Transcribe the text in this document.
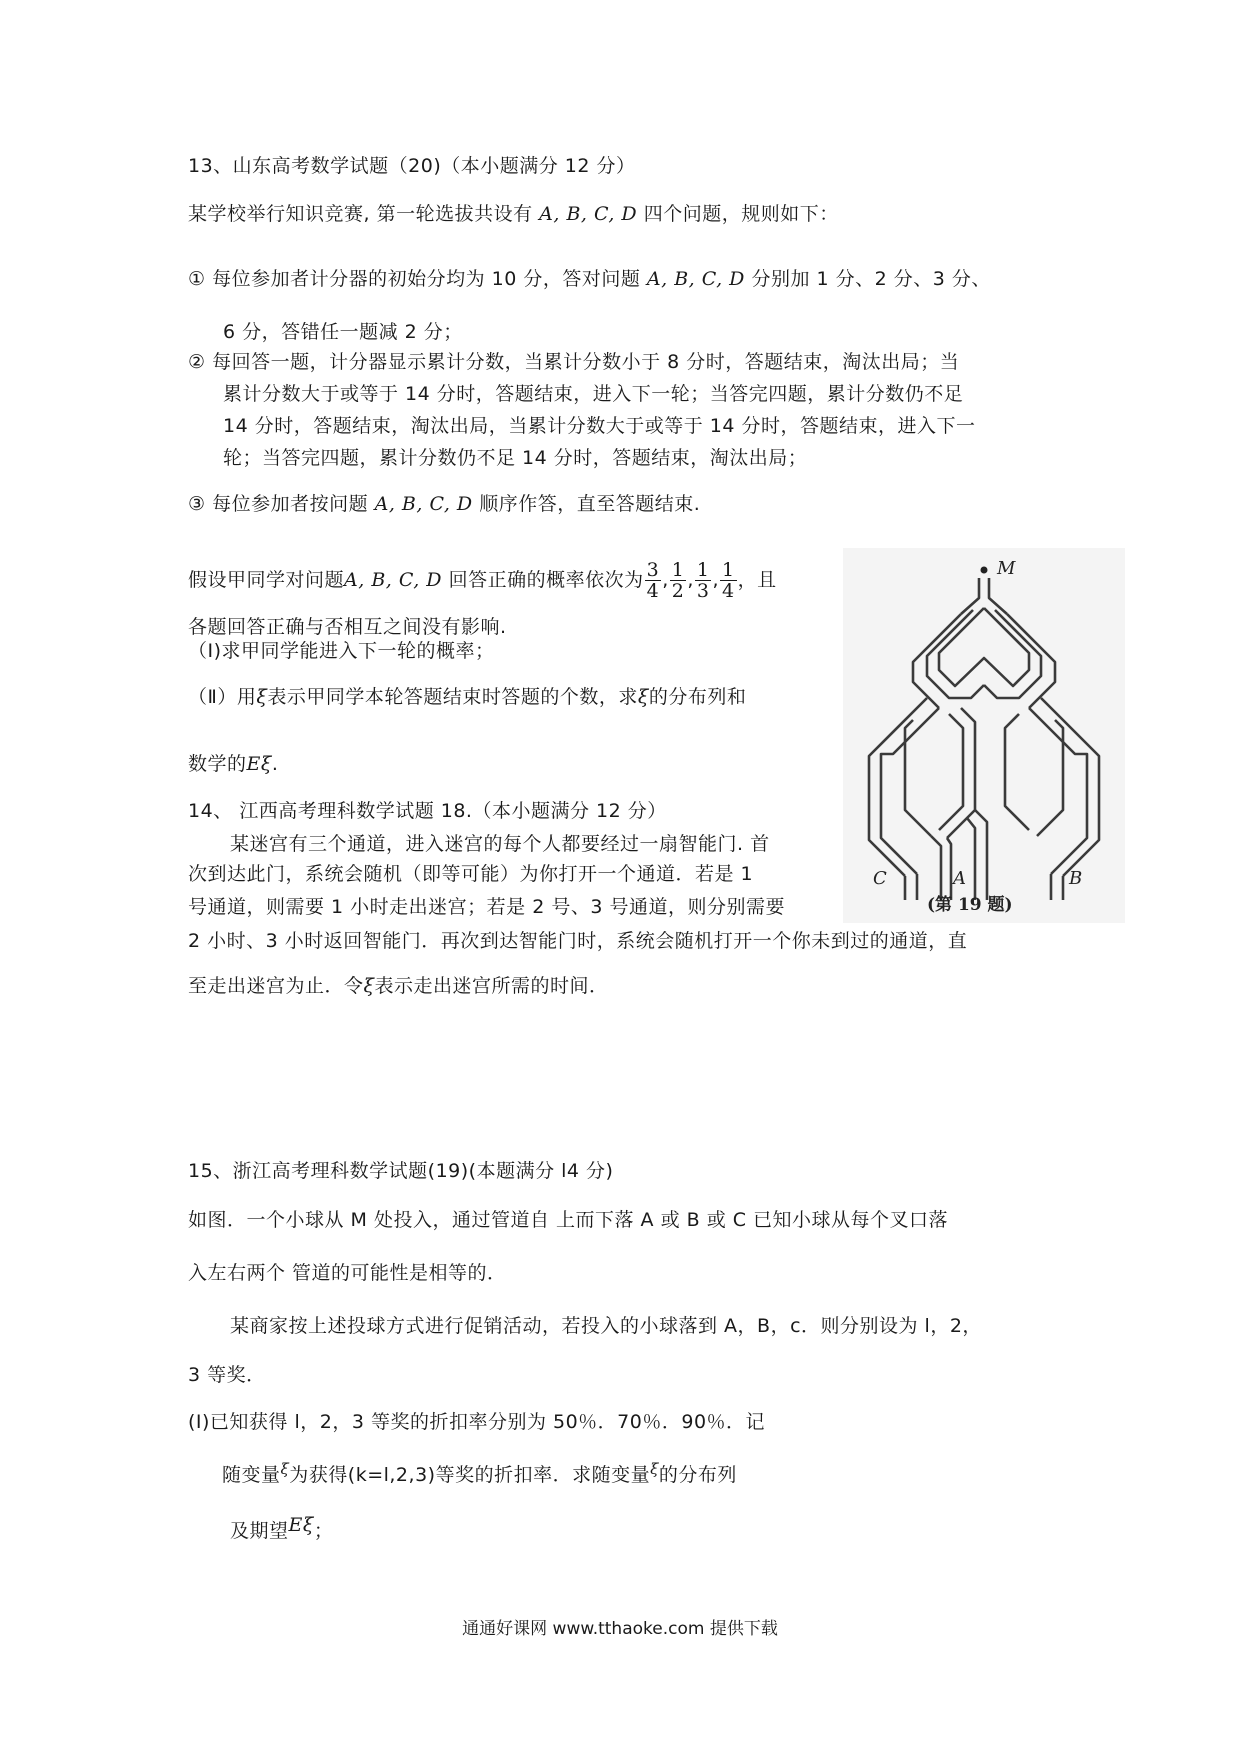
13、山东高考数学试题（20)（本小题满分 12 分）
某学校举行知识竞赛, 第一轮选拔共设有 A, B, C, D 四个问题，规则如下：
① 每位参加者计分器的初始分均为 10 分，答对问题 A, B, C, D 分别加 1 分、2 分、3 分、
6 分，答错任一题减 2 分；
② 每回答一题，计分器显示累计分数，当累计分数小于 8 分时，答题结束，淘汰出局；当
累计分数大于或等于 14 分时，答题结束，进入下一轮；当答完四题，累计分数仍不足
14 分时，答题结束，淘汰出局，当累计分数大于或等于 14 分时，答题结束，进入下一
轮；当答完四题，累计分数仍不足 14 分时，答题结束，淘汰出局；
③ 每位参加者按问题 A, B, C, D 顺序作答，直至答题结束.
假设甲同学对问题A, B, C, D 回答正确的概率依次为 $\frac{3}{4}$ , $\frac{1}{2}$ , $\frac{1}{3}$ , $\frac{1}{4}$ ，且
各题回答正确与否相互之间没有影响.
（Ⅰ)求甲同学能进入下一轮的概率；
（Ⅱ）用ξ表示甲同学本轮答题结束时答题的个数，求ξ的分布列和
数学的Eξ.
14、 江西高考理科数学试题 18.（本小题满分 12 分）
某迷宫有三个通道，进入迷宫的每个人都要经过一扇智能门. 首
次到达此门，系统会随机（即等可能）为你打开一个通道．若是 1
号通道，则需要 1 小时走出迷宫；若是 2 号、3 号通道，则分别需要
2 小时、3 小时返回智能门．再次到达智能门时，系统会随机打开一个你未到过的通道，直
至走出迷宫为止．令ξ表示走出迷宫所需的时间．
M
C	A	B
(第 19 题)
15、浙江高考理科数学试题(19)(本题满分 l4 分)
如图．一个小球从 M 处投入，通过管道自 上而下落 A 或 B 或 C 已知小球从每个叉口落
入左右两个 管道的可能性是相等的．
某商家按上述投球方式进行促销活动，若投入的小球落到 A，B，c．则分别设为 l，2，
3 等奖．
(I)已知获得 l，2，3 等奖的折扣率分别为 50％．70％．90％．记
随变量$^\xi$为获得(k=l,2,3)等奖的折扣率．求随变量$^\xi$的分布列
及期望Eξ；
通通好课网 www.tthaoke.com 提供下载
